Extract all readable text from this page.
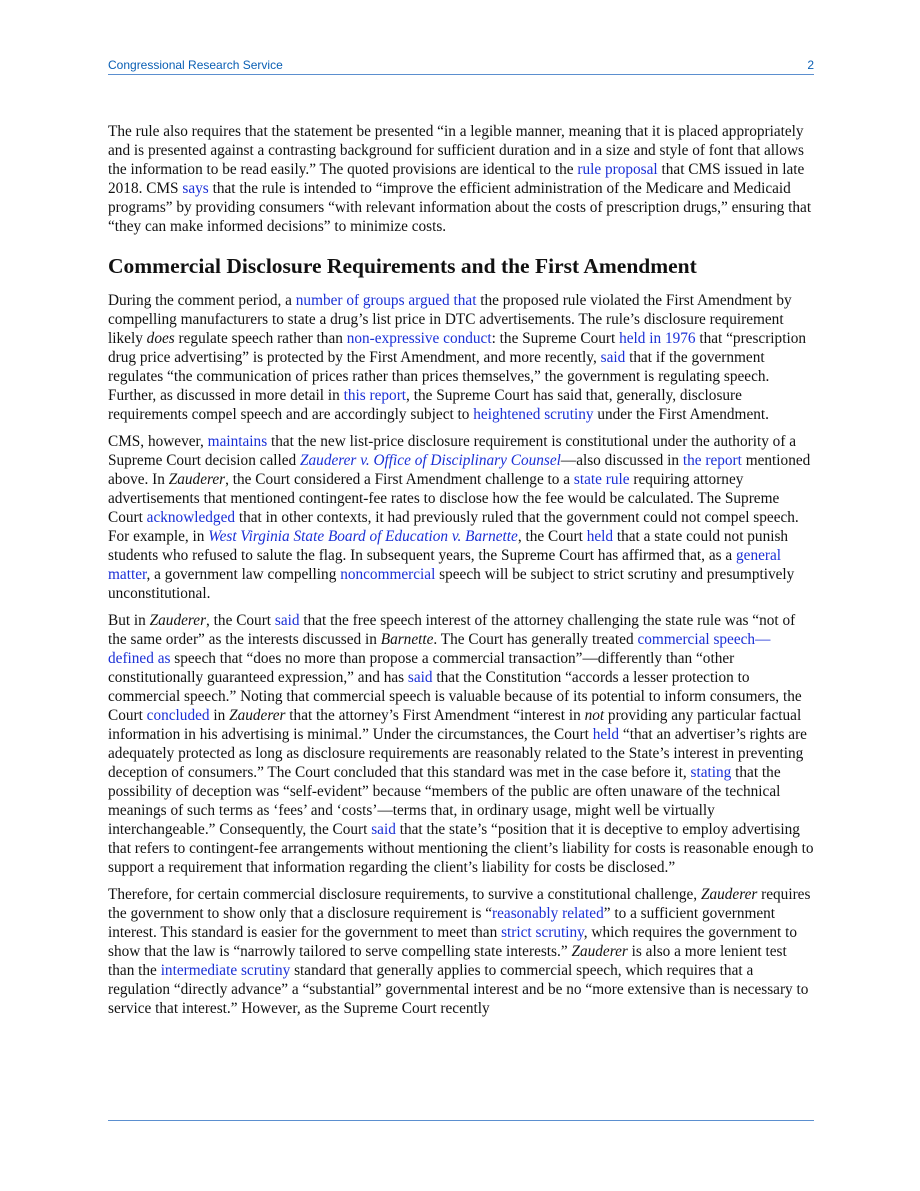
Congressional Research Service	2

The rule also requires that the statement be presented “in a legible manner, meaning that it is placed appropriately and is presented against a contrasting background for sufficient duration and in a size and style of font that allows the information to be read easily.” The quoted provisions are identical to the rule proposal that CMS issued in late 2018. CMS says that the rule is intended to “improve the efficient administration of the Medicare and Medicaid programs” by providing consumers “with relevant information about the costs of prescription drugs,” ensuring that “they can make informed decisions” to minimize costs.

Commercial Disclosure Requirements and the First Amendment

During the comment period, a number of groups argued that the proposed rule violated the First Amendment by compelling manufacturers to state a drug’s list price in DTC advertisements. The rule’s disclosure requirement likely does regulate speech rather than non-expressive conduct: the Supreme Court held in 1976 that “prescription drug price advertising” is protected by the First Amendment, and more recently, said that if the government regulates “the communication of prices rather than prices themselves,” the government is regulating speech. Further, as discussed in more detail in this report, the Supreme Court has said that, generally, disclosure requirements compel speech and are accordingly subject to heightened scrutiny under the First Amendment.

CMS, however, maintains that the new list-price disclosure requirement is constitutional under the authority of a Supreme Court decision called Zauderer v. Office of Disciplinary Counsel—also discussed in the report mentioned above. In Zauderer, the Court considered a First Amendment challenge to a state rule requiring attorney advertisements that mentioned contingent-fee rates to disclose how the fee would be calculated. The Supreme Court acknowledged that in other contexts, it had previously ruled that the government could not compel speech. For example, in West Virginia State Board of Education v. Barnette, the Court held that a state could not punish students who refused to salute the flag. In subsequent years, the Supreme Court has affirmed that, as a general matter, a government law compelling noncommercial speech will be subject to strict scrutiny and presumptively unconstitutional.

But in Zauderer, the Court said that the free speech interest of the attorney challenging the state rule was “not of the same order” as the interests discussed in Barnette. The Court has generally treated commercial speech—defined as speech that “does no more than propose a commercial transaction”—differently than “other constitutionally guaranteed expression,” and has said that the Constitution “accords a lesser protection to commercial speech.” Noting that commercial speech is valuable because of its potential to inform consumers, the Court concluded in Zauderer that the attorney’s First Amendment “interest in not providing any particular factual information in his advertising is minimal.” Under the circumstances, the Court held “that an advertiser’s rights are adequately protected as long as disclosure requirements are reasonably related to the State’s interest in preventing deception of consumers.” The Court concluded that this standard was met in the case before it, stating that the possibility of deception was “self-evident” because “members of the public are often unaware of the technical meanings of such terms as ‘fees’ and ‘costs’—terms that, in ordinary usage, might well be virtually interchangeable.” Consequently, the Court said that the state’s “position that it is deceptive to employ advertising that refers to contingent-fee arrangements without mentioning the client’s liability for costs is reasonable enough to support a requirement that information regarding the client’s liability for costs be disclosed.”

Therefore, for certain commercial disclosure requirements, to survive a constitutional challenge, Zauderer requires the government to show only that a disclosure requirement is “reasonably related” to a sufficient government interest. This standard is easier for the government to meet than strict scrutiny, which requires the government to show that the law is “narrowly tailored to serve compelling state interests.” Zauderer is also a more lenient test than the intermediate scrutiny standard that generally applies to commercial speech, which requires that a regulation “directly advance” a “substantial” governmental interest and be no “more extensive than is necessary to service that interest.” However, as the Supreme Court recently
